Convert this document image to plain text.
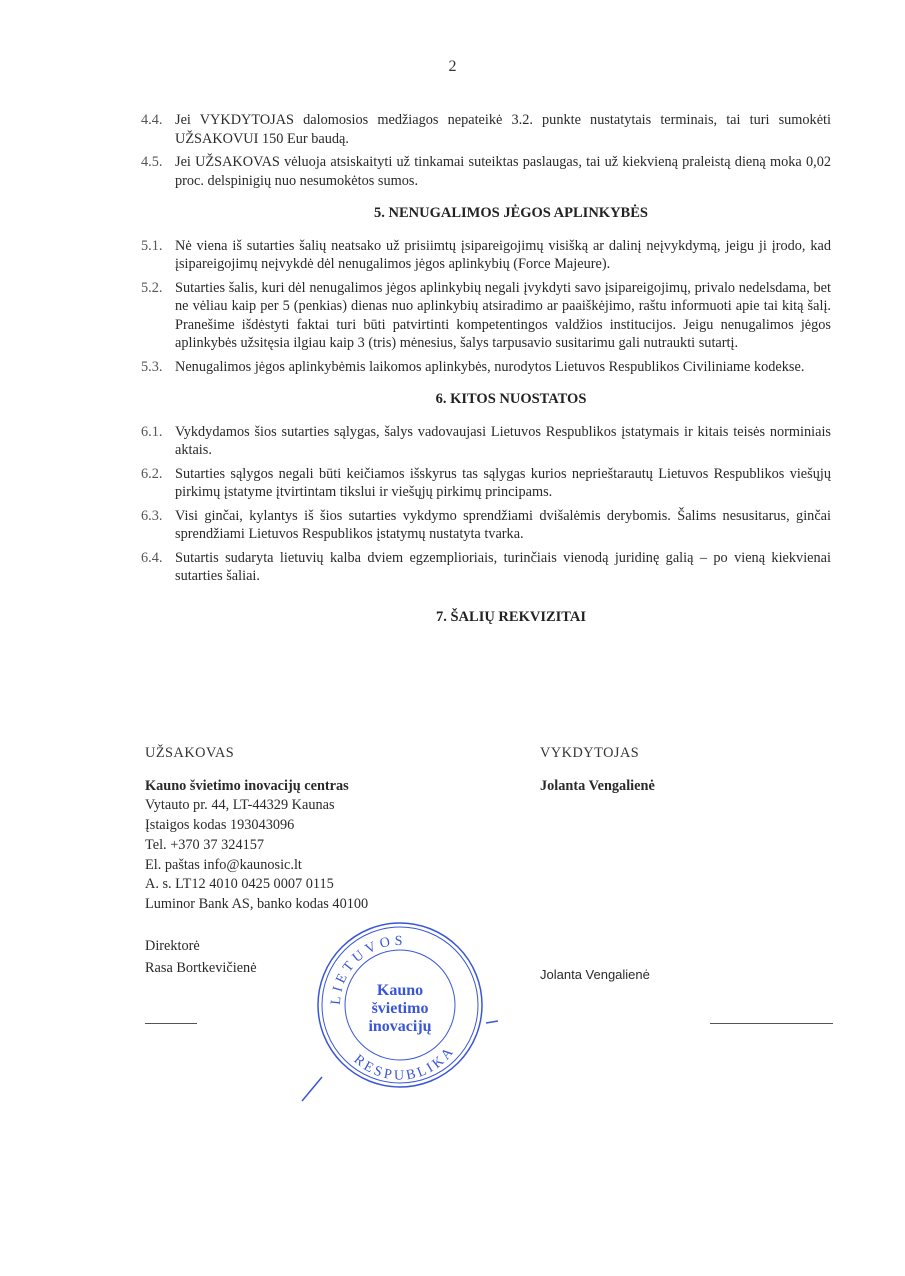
2
4.4. Jei VYKDYTOJAS dalomosios medžiagos nepateikė 3.2. punkte nustatytais terminais, tai turi sumokėti UŽSAKOVUI 150 Eur baudą.
4.5. Jei UŽSAKOVAS vėluoja atsiskaityti už tinkamai suteiktas paslaugas, tai už kiekvieną praleistą dieną moka 0,02 proc. delspinigių nuo nesumokėtos sumos.
5. NENUGALIMOS JĖGOS APLINKYBĖS
5.1. Nė viena iš sutarties šalių neatsako už prisiimtų įsipareigojimų visišką ar dalinį neįvykdymą, jeigu ji įrodo, kad įsipareigojimų neįvykdė dėl nenugalimos jėgos aplinkybių (Force Majeure).
5.2. Sutarties šalis, kuri dėl nenugalimos jėgos aplinkybių negali įvykdyti savo įsipareigojimų, privalo nedelsdama, bet ne vėliau kaip per 5 (penkias) dienas nuo aplinkybių atsiradimo ar paaiškėjimo, raštu informuoti apie tai kitą šalį. Pranešime išdėstyti faktai turi būti patvirtinti kompetentingos valdžios institucijos. Jeigu nenugalimos jėgos aplinkybės užsitęsia ilgiau kaip 3 (tris) mėnesius, šalys tarpusavio susitarimu gali nutraukti sutartį.
5.3. Nenugalimos jėgos aplinkybėmis laikomos aplinkybės, nurodytos Lietuvos Respublikos Civiliniame kodekse.
6. KITOS NUOSTATOS
6.1. Vykdydamos šios sutarties sąlygas, šalys vadovaujasi Lietuvos Respublikos įstatymais ir kitais teisės norminiais aktais.
6.2. Sutarties sąlygos negali būti keičiamos išskyrus tas sąlygas kurios neprieštarautų Lietuvos Respublikos viešųjų pirkimų įstatyme įtvirtintam tikslui ir viešųjų pirkimų principams.
6.3. Visi ginčai, kylantys iš šios sutarties vykdymo sprendžiami dvišalėmis derybomis. Šalims nesusitarus, ginčai sprendžiami Lietuvos Respublikos įstatymų nustatyta tvarka.
6.4. Sutartis sudaryta lietuvių kalba dviem egzemplioriais, turinčiais vienodą juridinę galią – po vieną kiekvienai sutarties šaliai.
7. ŠALIŲ REKVIZITAI
UŽSAKOVAS
Kauno švietimo inovacijų centras
Vytauto pr. 44, LT-44329 Kaunas
Įstaigos kodas 193043096
Tel. +370 37 324157
El. paštas info@kaunosic.lt
A. s. LT12 4010 0425 0007 0115
Luminor Bank AS, banko kodas 40100
Direktorė
Rasa Bortkevičienė
VYKDYTOJAS
Jolanta Vengalienė
Jolanta Vengalienė
LIETUVOS
RESPUBLIKA
Kauno
švietimo
inovacijų
